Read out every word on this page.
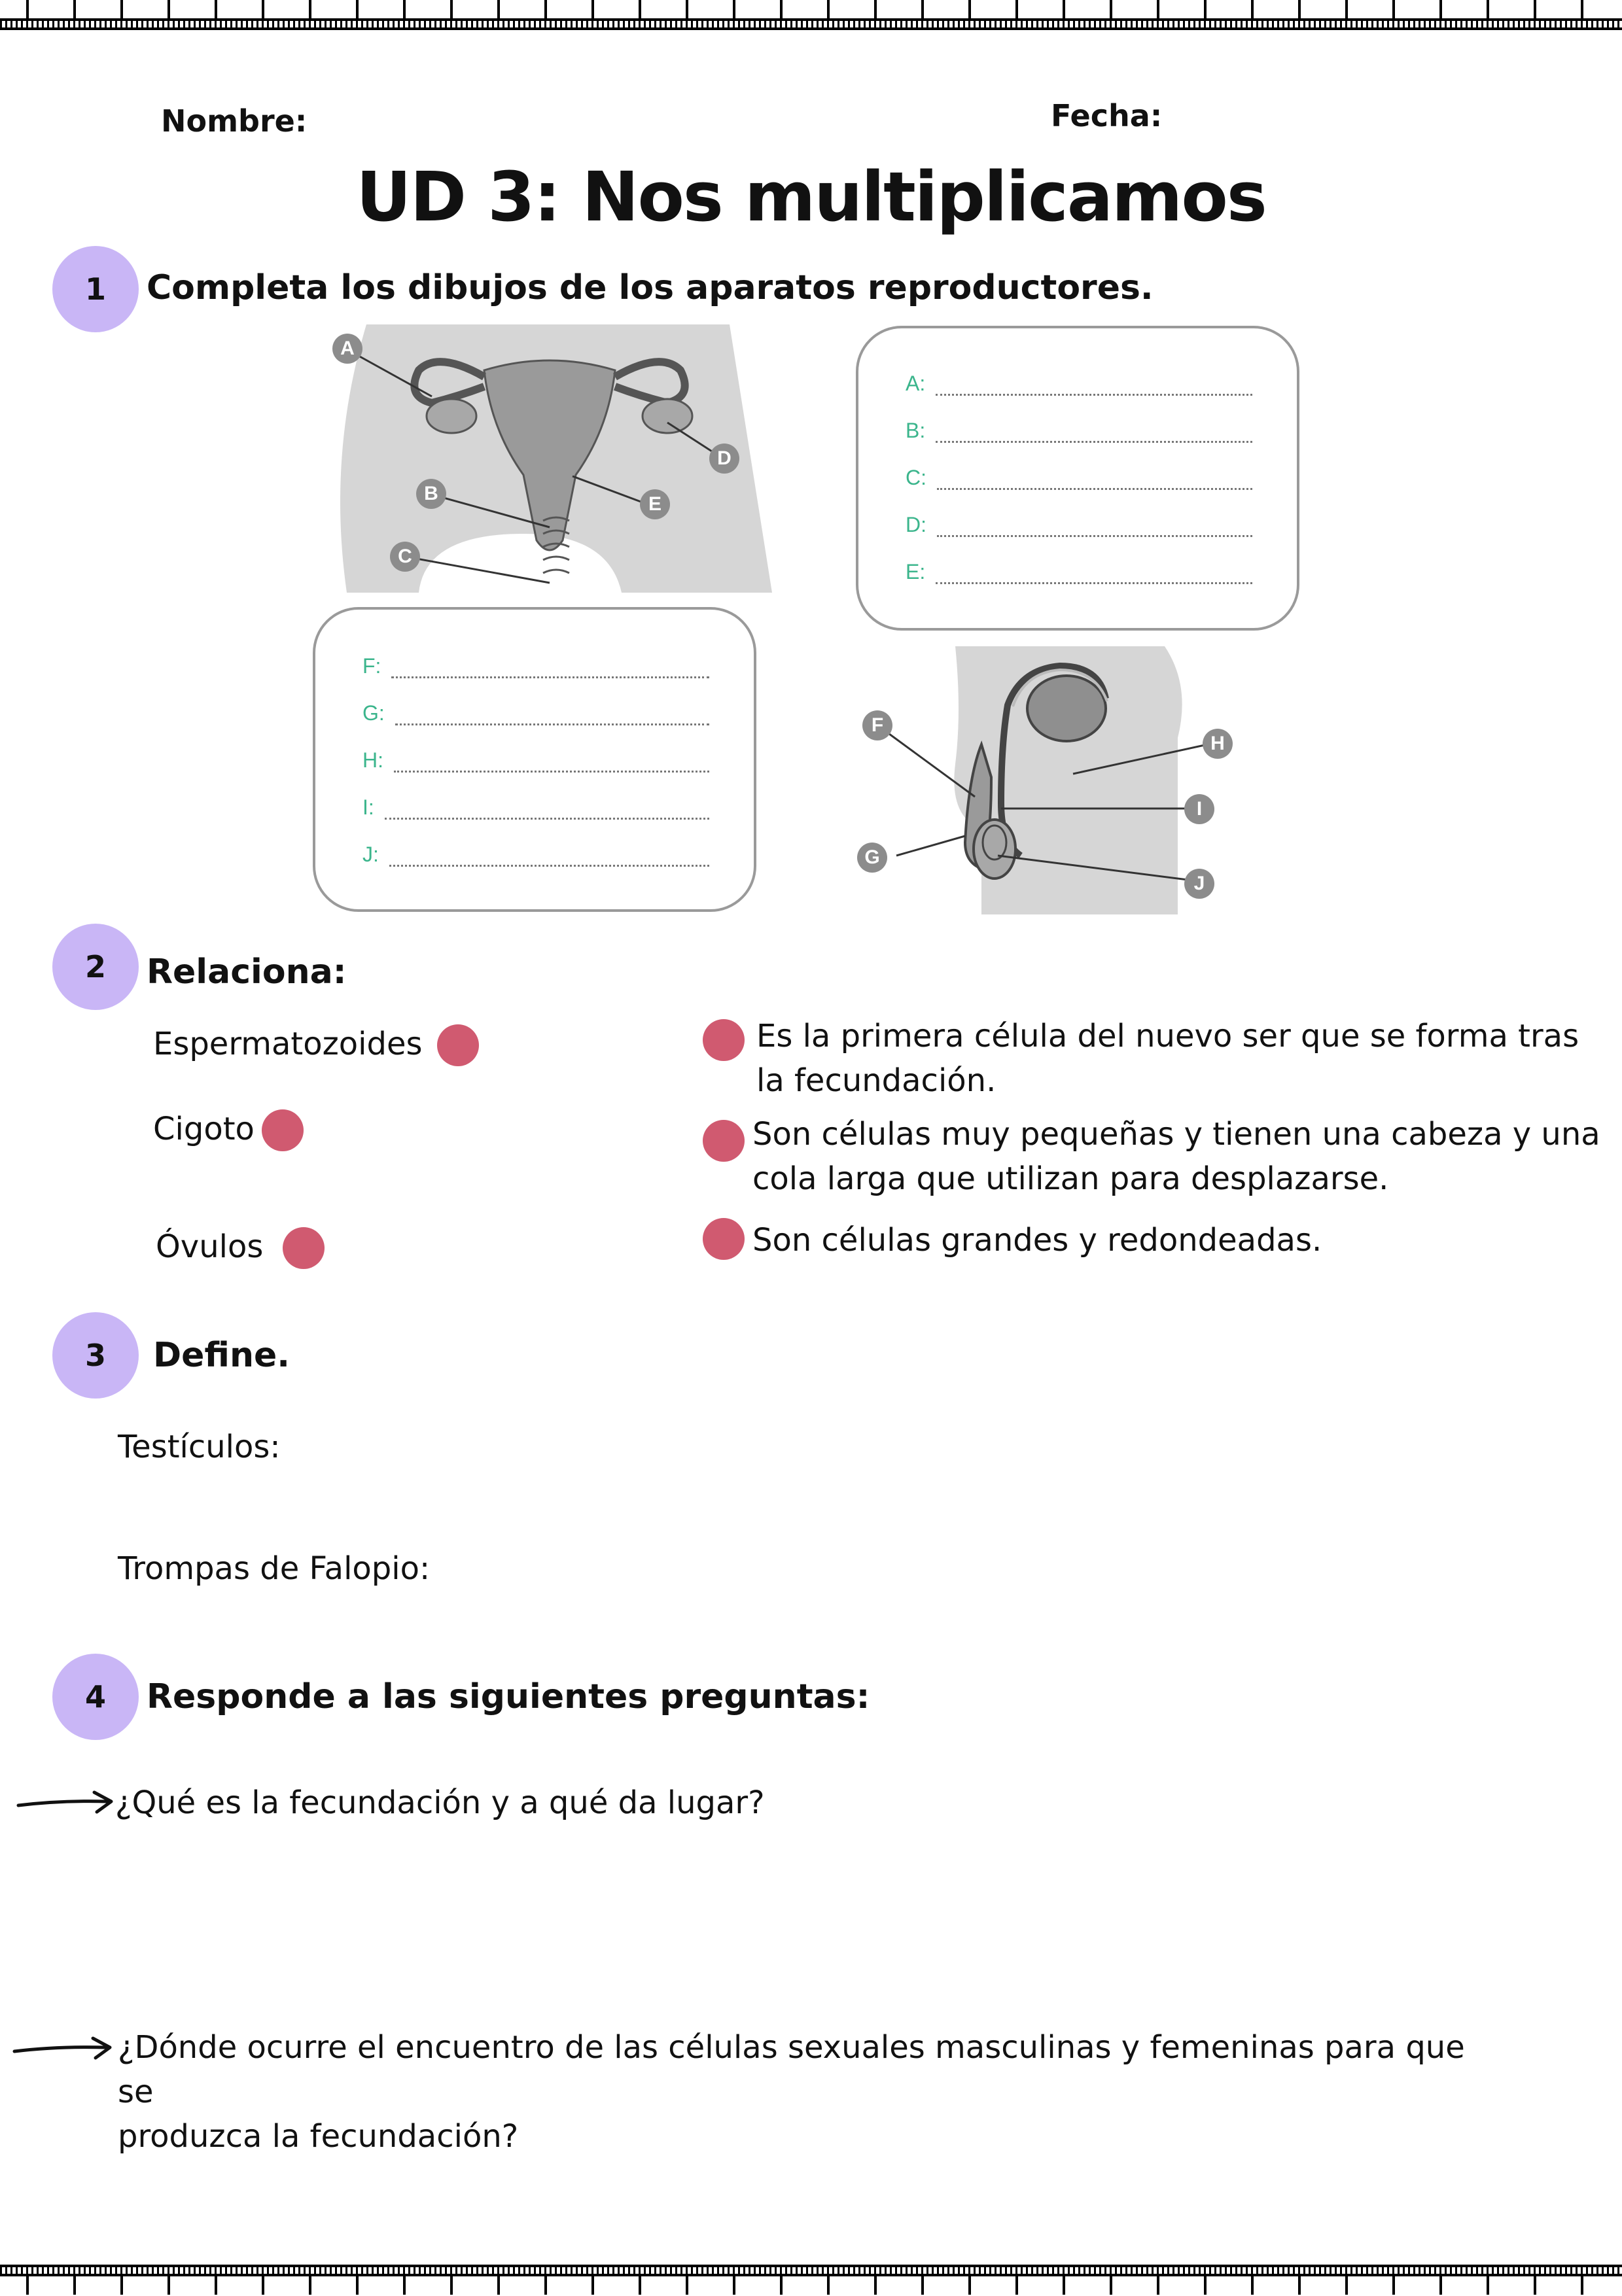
Nombre:	Fecha:
UD 3: Nos multiplicamos
1	Completa los dibujos de los aparatos reproductores.
A
B
C
D
E
A:
B:
C:
D:
E:
F:
G:
H:
I:
J:
F
G
H
I
J
2	Relaciona:
Espermatozoides
Cigoto
Óvulos
Es la primera célula del nuevo ser que se forma tras
la fecundación.
Son células muy pequeñas y tienen una cabeza y una
cola larga que utilizan para desplazarse.
Son células grandes y redondeadas.
3	Define.
Testículos:
Trompas de Falopio:
4	Responde a las siguientes preguntas:
¿Qué es la fecundación y a qué da lugar?
¿Dónde ocurre el encuentro de las células sexuales masculinas y femeninas para que se
produzca la fecundación?
